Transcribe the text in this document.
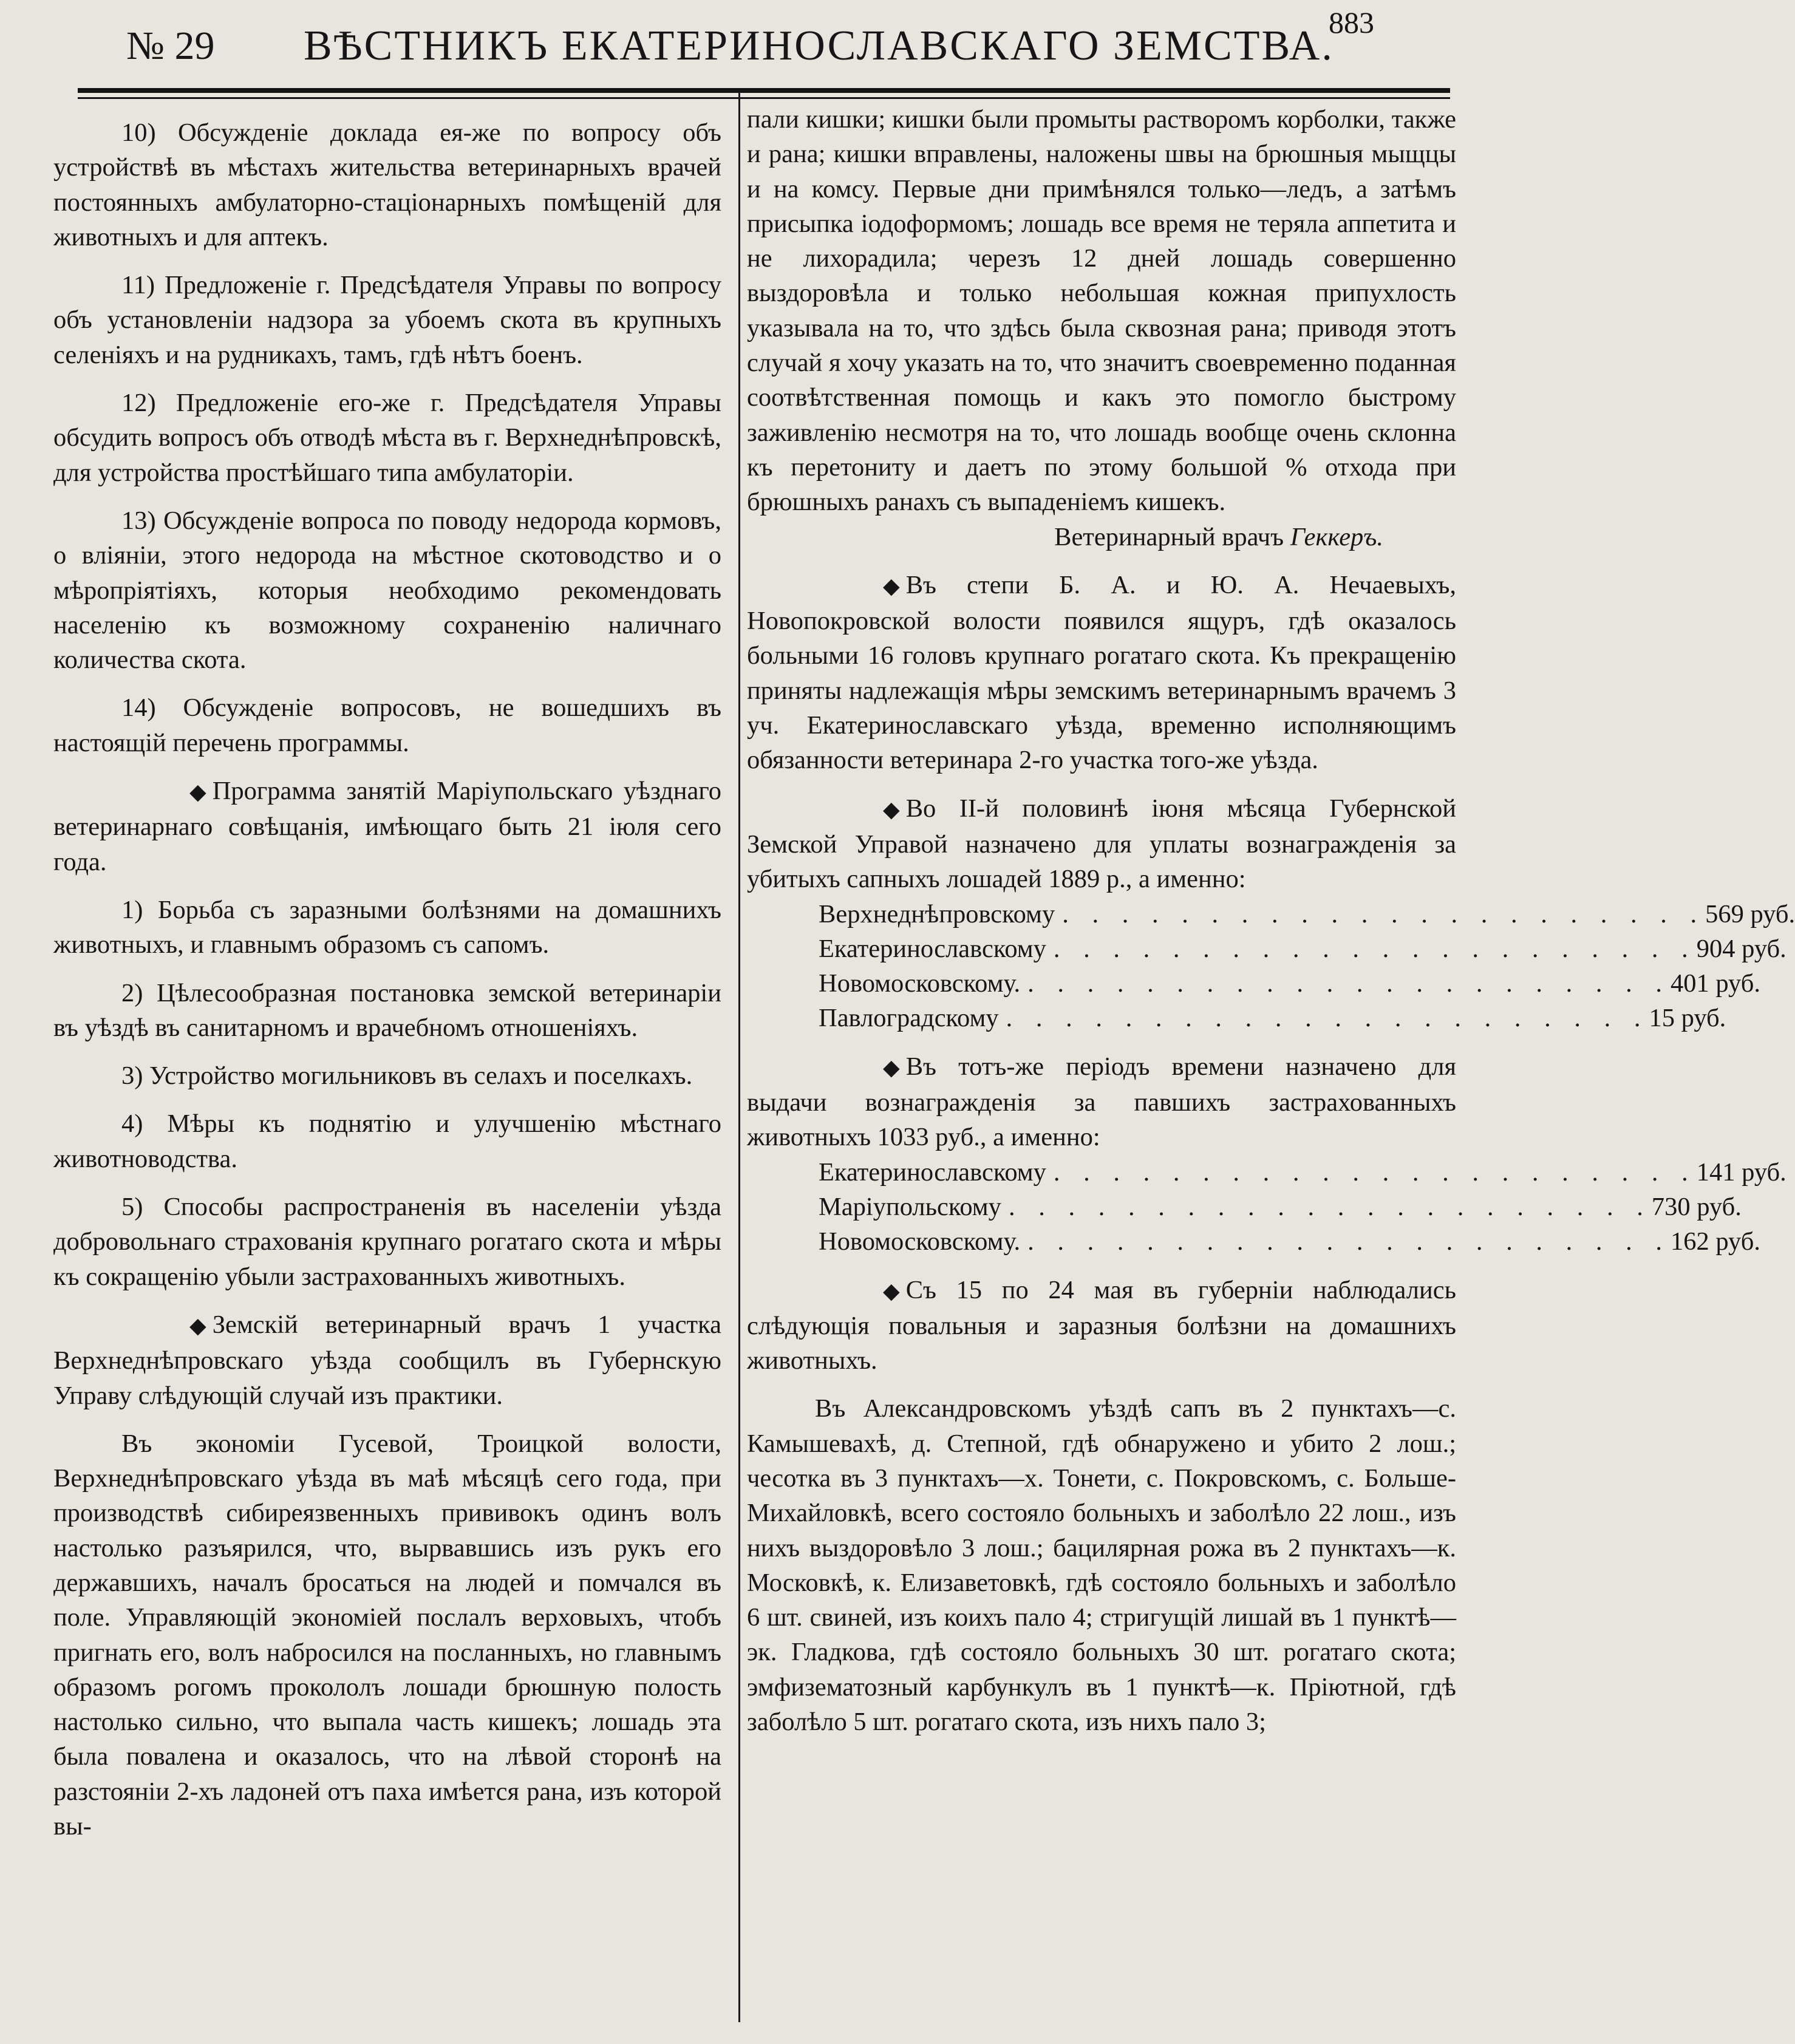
№ 29 ВѢСТНИКЪ ЕКАТЕРИНОСЛАВСКАГО ЗЕМСТВА.
883

10) Обсужденіе доклада ея-же по вопросу объ устройствѣ въ мѣстахъ жительства ветеринарныхъ врачей постоянныхъ амбулаторно-стаціонарныхъ помѣщеній для животныхъ и для аптекъ.

11) Предложеніе г. Предсѣдателя Управы по вопросу объ установленіи надзора за убоемъ скота въ крупныхъ селеніяхъ и на рудникахъ, тамъ, гдѣ нѣтъ боенъ.

12) Предложеніе его-же г. Предсѣдателя Управы обсудить вопросъ объ отводѣ мѣста въ г. Верхнеднѣпровскѣ, для устройства простѣйшаго типа амбулаторіи.

13) Обсужденіе вопроса по поводу недорода кормовъ, о вліяніи, этого недорода на мѣстное скотоводство и о мѣропріятіяхъ, которыя необходимо рекомендовать населенію къ возможному сохраненію наличнаго количества скота.

14) Обсужденіе вопросовъ, не вошедшихъ въ настоящій перечень программы.

◆ Программа занятій Маріупольскаго уѣзднаго ветеринарнаго совѣщанія, имѣющаго быть 21 іюля сего года.

1) Борьба съ заразными болѣзнями на домашнихъ животныхъ, и главнымъ образомъ съ сапомъ.

2) Цѣлесообразная постановка земской ветеринаріи въ уѣздѣ въ санитарномъ и врачебномъ отношеніяхъ.

3) Устройство могильниковъ въ селахъ и поселкахъ.

4) Мѣры къ поднятію и улучшенію мѣстнаго животноводства.

5) Способы распространенія въ населеніи уѣзда добровольнаго страхованія крупнаго рогатаго скота и мѣры къ сокращенію убыли застрахованныхъ животныхъ.

◆ Земскій ветеринарный врачъ 1 участка Верхнеднѣпровскаго уѣзда сообщилъ въ Губернскую Управу слѣдующій случай изъ практики.

Въ экономіи Гусевой, Троицкой волости, Верхнеднѣпровскаго уѣзда въ маѣ мѣсяцѣ сего года, при производствѣ сибиреязвенныхъ прививокъ одинъ волъ настолько разъярился, что, вырвавшись изъ рукъ его державшихъ, началъ бросаться на людей и помчался въ поле. Управляющій экономіей послалъ верховыхъ, чтобъ пригнать его, волъ набросился на посланныхъ, но главнымъ образомъ рогомъ прокололъ лошади брюшную полость настолько сильно, что выпала часть кишекъ; лошадь эта была повалена и оказалось, что на лѣвой сторонѣ на разстояніи 2-хъ ладоней отъ паха имѣется рана, изъ которой вы-

пали кишки; кишки были промыты растворомъ корболки, также и рана; кишки вправлены, наложены швы на брюшныя мыщцы и на комсу. Первые дни примѣнялся только—ледъ, а затѣмъ присыпка іодоформомъ; лошадь все время не теряла аппетита и не лихорадила; черезъ 12 дней лошадь совершенно выздоровѣла и только небольшая кожная припухлость указывала на то, что здѣсь была сквозная рана; приводя этотъ случай я хочу указать на то, что значитъ своевременно поданная соотвѣтственная помощь и какъ это помогло быстрому заживленію несмотря на то, что лошадь вообще очень склонна къ перетониту и даетъ по этому большой % отхода при брюшныхъ ранахъ съ выпаденіемъ кишекъ.

Ветеринарный врачъ Геккеръ.

◆ Въ степи Б. А. и Ю. А. Нечаевыхъ, Новопокровской волости появился ящуръ, гдѣ оказалось больными 16 головъ крупнаго рогатаго скота. Къ прекращенію приняты надлежащія мѣры земскимъ ветеринарнымъ врачемъ 3 уч. Екатеринославскаго уѣзда, временно исполняющимъ обязанности ветеринара 2-го участка того-же уѣзда.

◆ Во II-й половинѣ іюня мѣсяца Губернской Земской Управой назначено для уплаты вознагражденія за убитыхъ сапныхъ лошадей 1889 р., а именно:

Верхнеднѣпровскому . . . . . . . . . . . . . . . . . . . . . . 569 руб.
Екатеринославскому . . . . . . . . . . . . . . . . . . . . . . 904 руб.
Новомосковскому. . . . . . . . . . . . . . . . . . . . . . . 401 руб.
Павлоградскому . . . . . . . . . . . . . . . . . . . . . . 15 руб.

◆ Въ тотъ-же періодъ времени назначено для выдачи вознагражденія за павшихъ застрахованныхъ животныхъ 1033 руб., а именно:

Екатеринославскому . . . . . . . . . . . . . . . . . . . . . . 141 руб.
Маріупольскому . . . . . . . . . . . . . . . . . . . . . . 730 руб.
Новомосковскому. . . . . . . . . . . . . . . . . . . . . . . 162 руб.

◆ Съ 15 по 24 мая въ губерніи наблюдались слѣдующія повальныя и заразныя болѣзни на домашнихъ животныхъ.

Въ Александровскомъ уѣздѣ сапъ въ 2 пунктахъ—с. Камышевахѣ, д. Степной, гдѣ обнаружено и убито 2 лош.; чесотка въ 3 пунктахъ—х. Тонети, с. Покровскомъ, с. Больше-Михайловкѣ, всего состояло больныхъ и заболѣло 22 лош., изъ нихъ выздоровѣло 3 лош.; бацилярная рожа въ 2 пунктахъ—к. Московкѣ, к. Елизаветовкѣ, гдѣ состояло больныхъ и заболѣло 6 шт. свиней, изъ коихъ пало 4; стригущій лишай въ 1 пунктѣ—эк. Гладкова, гдѣ состояло больныхъ 30 шт. рогатаго скота; эмфизематозный карбункулъ въ 1 пунктѣ—к. Пріютной, гдѣ заболѣло 5 шт. рогатаго скота, изъ нихъ пало 3;
